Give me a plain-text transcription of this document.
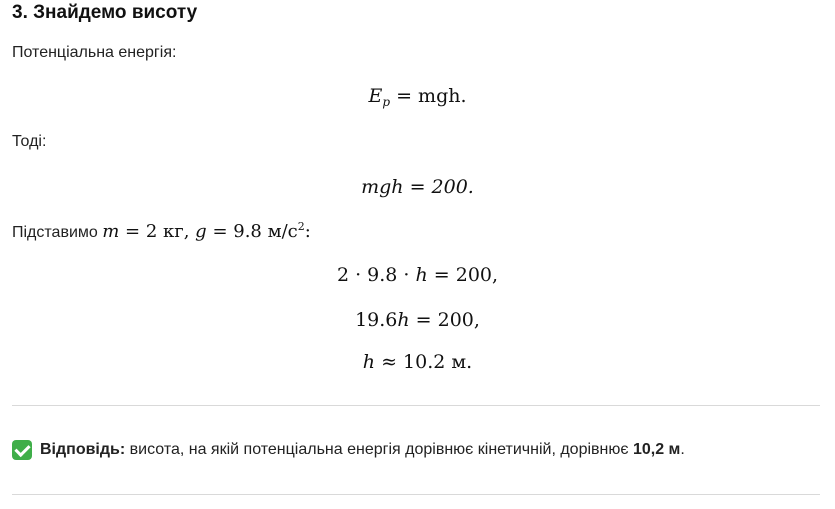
3. Знайдемо висоту
Потенціальна енергія:
$E_p$ = mgh.
Тоді:
mgh = 200.
Підставимо m = 2 кг, g = 9.8 $м/с^2$:
2 · 9.8 · h = 200,
19.6h = 200,
h ≈ 10.2 м.
Відповідь: висота, на якій потенціальна енергія дорівнює кінетичній, дорівнює 10,2 м .
